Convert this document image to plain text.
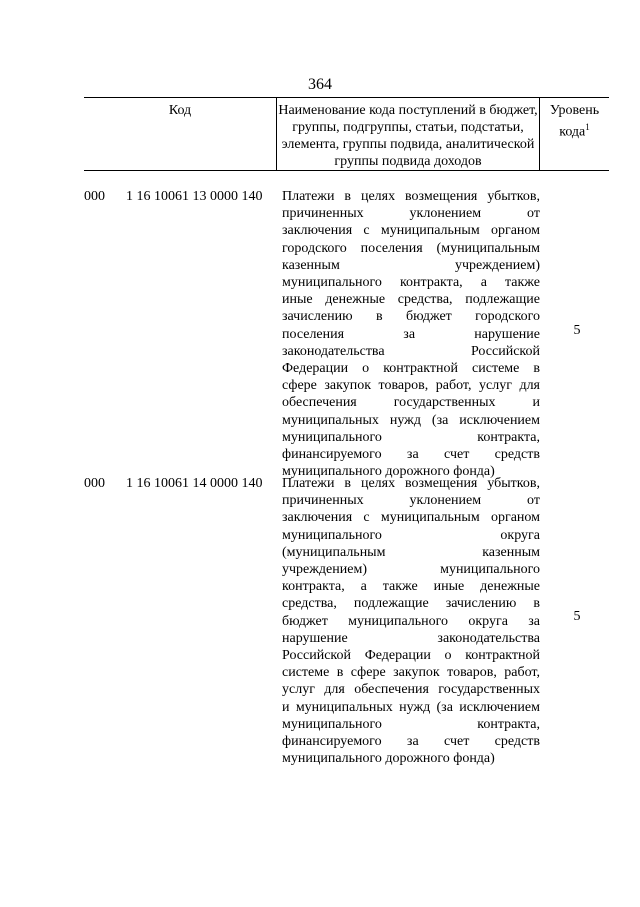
364
Код	Наименование кода поступлений в бюджет, группы, подгруппы, статьи, подстатьи, элемента, группы подвида, аналитической группы подвида доходов
Уровень кода$^1$
000 1 16 10061 13 0000 140 Платежи в целях возмещения убытков,
причиненных уклонением от
заключения с муниципальным органом
городского поселения (муниципальным
казенным учреждением)
муниципального контракта, а также
иные денежные средства, подлежащие
зачислению в бюджет городского
поселения за нарушение
законодательства Российской
Федерации о контрактной системе в
сфере закупок товаров, работ, услуг для
обеспечения государственных и
муниципальных нужд (за исключением
муниципального контракта,
финансируемого за счет средств
муниципального дорожного фонда)
5
000 1 16 10061 14 0000 140 Платежи в целях возмещения убытков,
причиненных уклонением от
заключения с муниципальным органом
муниципального округа
(муниципальным казенным
учреждением) муниципального
контракта, а также иные денежные
средства, подлежащие зачислению в
бюджет муниципального округа за
нарушение законодательства
Российской Федерации о контрактной
системе в сфере закупок товаров, работ,
услуг для обеспечения государственных
и муниципальных нужд (за исключением
муниципального контракта,
финансируемого за счет средств
муниципального дорожного фонда)
5
